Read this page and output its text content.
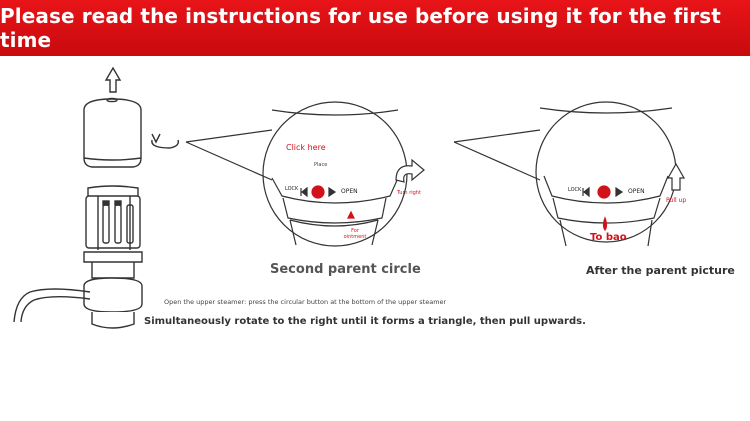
Please read the instructions for use before using it for the first time
Click here
Place
LOCK	OPEN	Turn right
For ointment
Second parent circle
LOCK	OPEN
Pull up
To bao
After the parent picture
Open the upper steamer: press the circular button at the bottom of the upper steamer
Simultaneously rotate to the right until it forms a triangle, then pull upwards.
